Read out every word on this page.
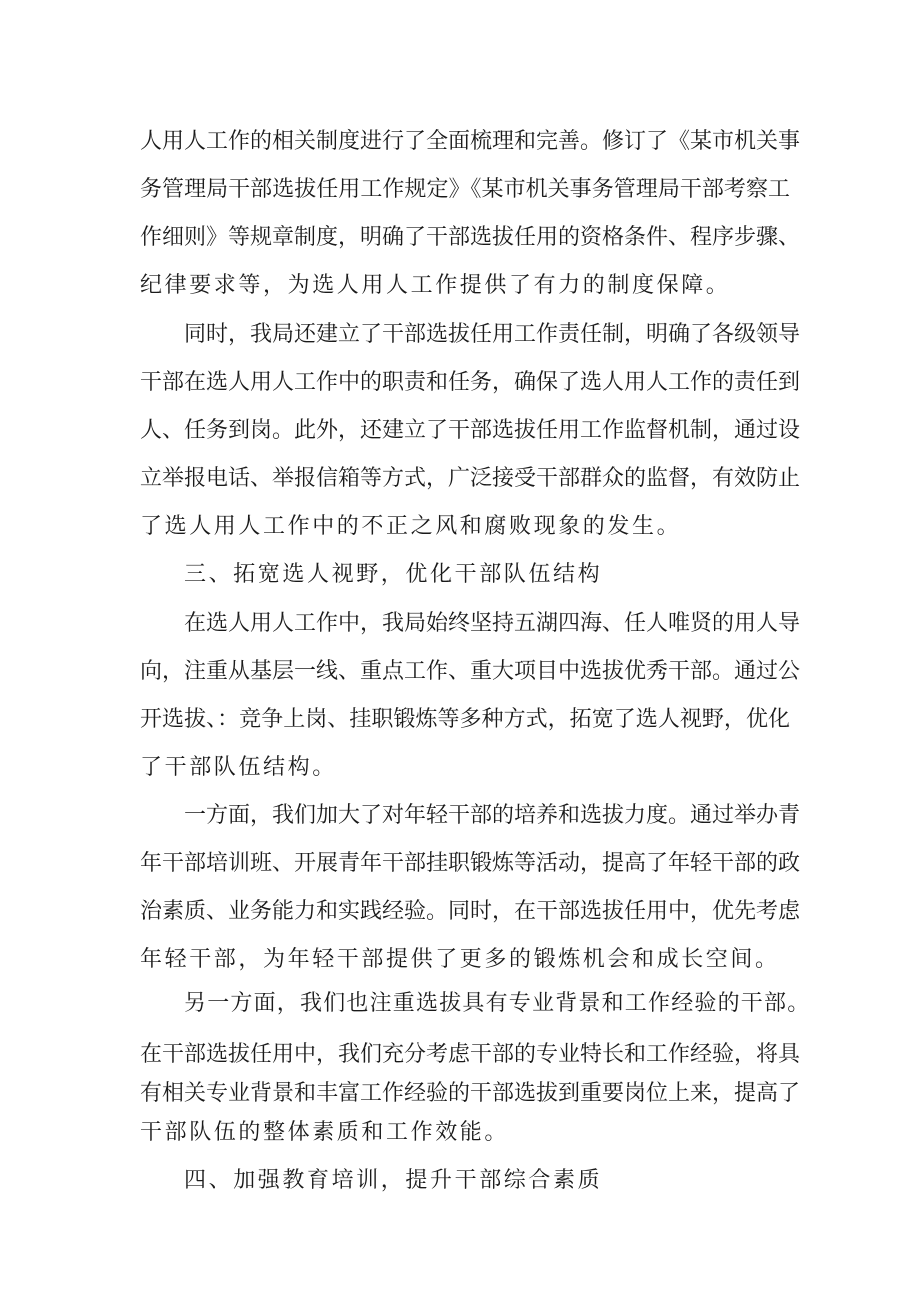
人用人工作的相关制度进行了全面梳理和完善。修订了《某市机关事

务管理局干部选拔任用工作规定》《某市机关事务管理局干部考察工

作细则》等规章制度，明确了干部选拔任用的资格条件、程序步骤、

纪律要求等，为选人用人工作提供了有力的制度保障。

同时，我局还建立了干部选拔任用工作责任制，明确了各级领导

干部在选人用人工作中的职责和任务，确保了选人用人工作的责任到

人、任务到岗。此外，还建立了干部选拔任用工作监督机制，通过设

立举报电话、举报信箱等方式，广泛接受干部群众的监督，有效防止

了选人用人工作中的不正之风和腐败现象的发生。

三、拓宽选人视野，优化干部队伍结构

在选人用人工作中，我局始终坚持五湖四海、任人唯贤的用人导

向，注重从基层一线、重点工作、重大项目中选拔优秀干部。通过公

开选拔、：竞争上岗、挂职锻炼等多种方式，拓宽了选人视野，优化

了干部队伍结构。

一方面，我们加大了对年轻干部的培养和选拔力度。通过举办青

年干部培训班、开展青年干部挂职锻炼等活动，提高了年轻干部的政

治素质、业务能力和实践经验。同时，在干部选拔任用中，优先考虑

年轻干部，为年轻干部提供了更多的锻炼机会和成长空间。

另一方面，我们也注重选拔具有专业背景和工作经验的干部。

在干部选拔任用中，我们充分考虑干部的专业特长和工作经验，将具

有相关专业背景和丰富工作经验的干部选拔到重要岗位上来，提高了

干部队伍的整体素质和工作效能。

四、加强教育培训，提升干部综合素质
